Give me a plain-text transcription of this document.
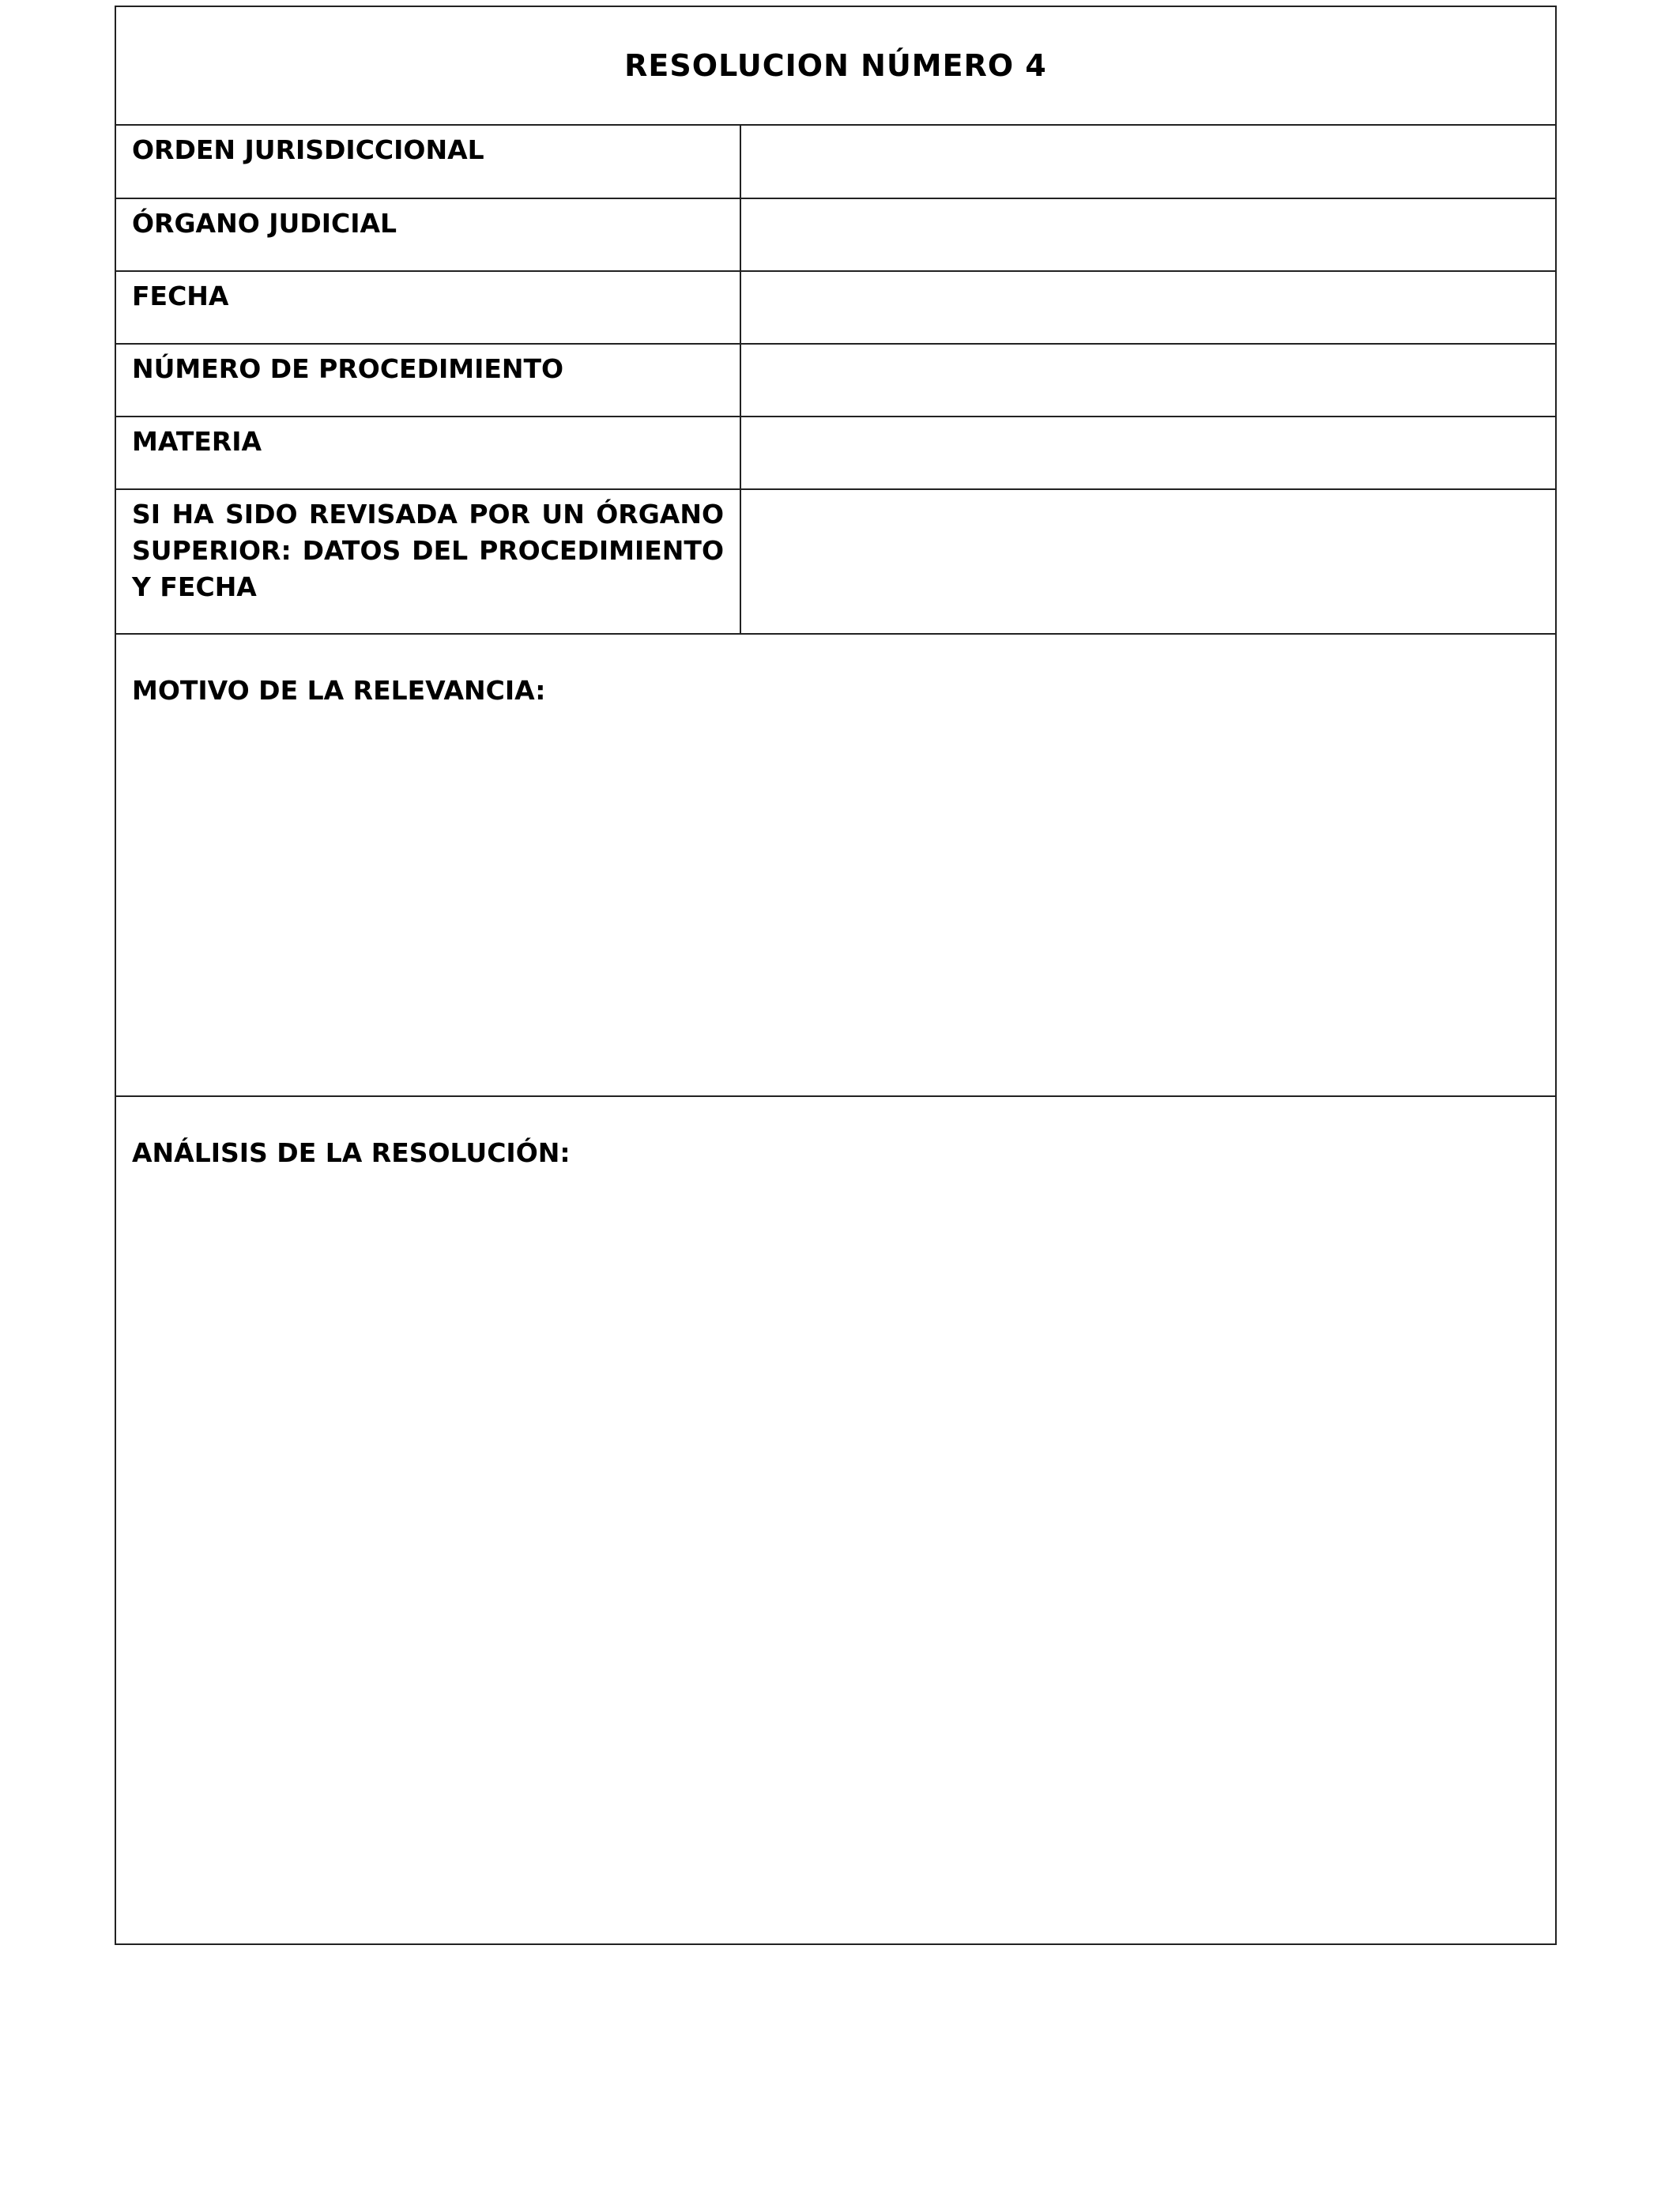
RESOLUCION NÚMERO 4
ORDEN JURISDICCIONAL
ÓRGANO JUDICIAL
FECHA
NÚMERO DE PROCEDIMIENTO
MATERIA
SI HA SIDO REVISADA POR UN ÓRGANO SUPERIOR: DATOS DEL PROCEDIMIENTO Y FECHA
MOTIVO DE LA RELEVANCIA:
ANÁLISIS DE LA RESOLUCIÓN:
